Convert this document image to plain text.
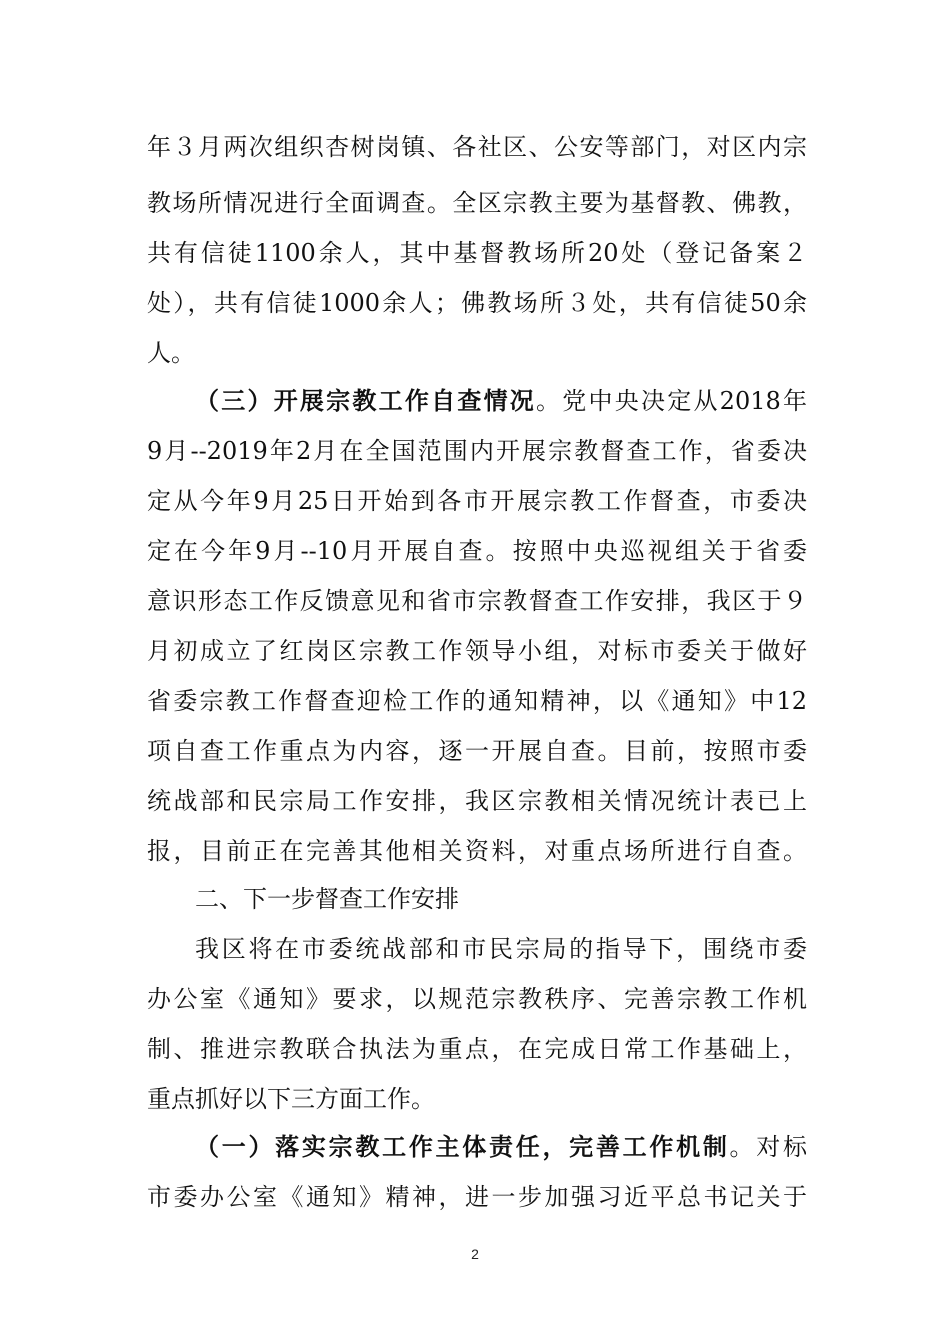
年３月两次组织杏树岗镇、各社区、公安等部门，对区内宗
教场所情况进行全面调查。全区宗教主要为基督教、佛教，
共有信徒1100余人，其中基督教场所20处（登记备案２
处），共有信徒1000余人；佛教场所３处，共有信徒50余
人。
（三）开展宗教工作自查情况。党中央决定从2018年
9月--2019年2月在全国范围内开展宗教督查工作，省委决
定从今年9月25日开始到各市开展宗教工作督查，市委决
定在今年9月--10月开展自查。按照中央巡视组关于省委
意识形态工作反馈意见和省市宗教督查工作安排，我区于９
月初成立了红岗区宗教工作领导小组，对标市委关于做好
省委宗教工作督查迎检工作的通知精神，以《通知》中12
项自查工作重点为内容，逐一开展自查。目前，按照市委
统战部和民宗局工作安排，我区宗教相关情况统计表已上
报，目前正在完善其他相关资料，对重点场所进行自查。
二、下一步督查工作安排
我区将在市委统战部和市民宗局的指导下，围绕市委
办公室《通知》要求，以规范宗教秩序、完善宗教工作机
制、推进宗教联合执法为重点，在完成日常工作基础上，
重点抓好以下三方面工作。
（一）落实宗教工作主体责任，完善工作机制。对标
市委办公室《通知》精神，进一步加强习近平总书记关于
2
